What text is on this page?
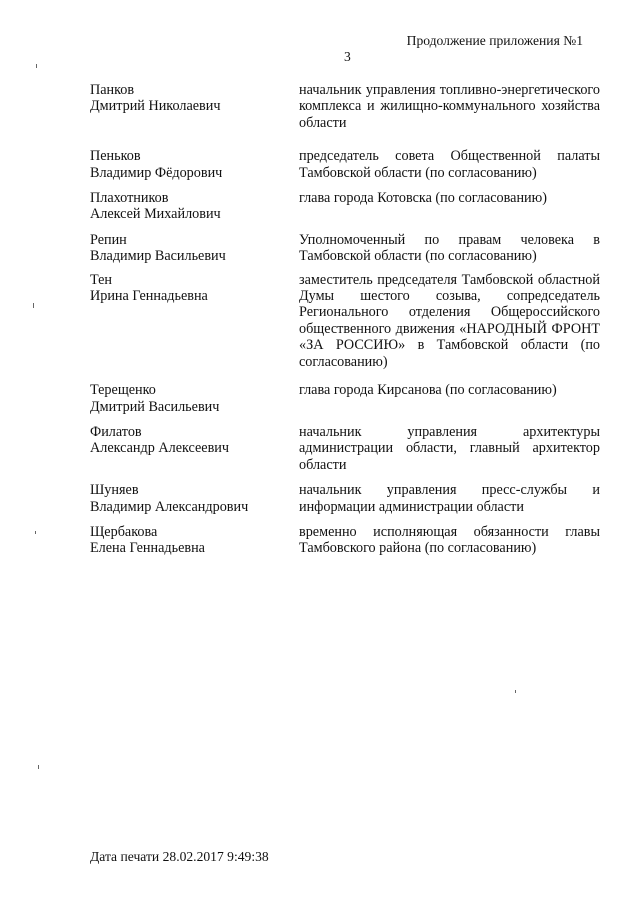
Продолжение приложения №1
3
Панков
Дмитрий Николаевич
начальник управления топливно-энергетического комплекса и жилищно-коммунального хозяйства области
Пеньков
Владимир Фёдорович
председатель совета Общественной палаты Тамбовской области (по согласованию)
Плахотников
Алексей Михайлович
глава города Котовска (по согласованию)
Репин
Владимир Васильевич
Уполномоченный по правам человека в Тамбовской области (по согласованию)
Тен
Ирина Геннадьевна
заместитель председателя Тамбовской областной Думы шестого созыва, сопредседатель Регионального отделения Общероссийского общественного движения «НАРОДНЫЙ ФРОНТ «ЗА РОССИЮ» в Тамбовской области (по согласованию)
Терещенко
Дмитрий Васильевич
глава города Кирсанова (по согласованию)
Филатов
Александр Алексеевич
начальник управления архитектуры администрации области, главный архитектор области
Шуняев
Владимир Александрович
начальник управления пресс-службы и информации администрации области
Щербакова
Елена Геннадьевна
временно исполняющая обязанности главы Тамбовского района (по согласованию)
Дата печати 28.02.2017 9:49:38
